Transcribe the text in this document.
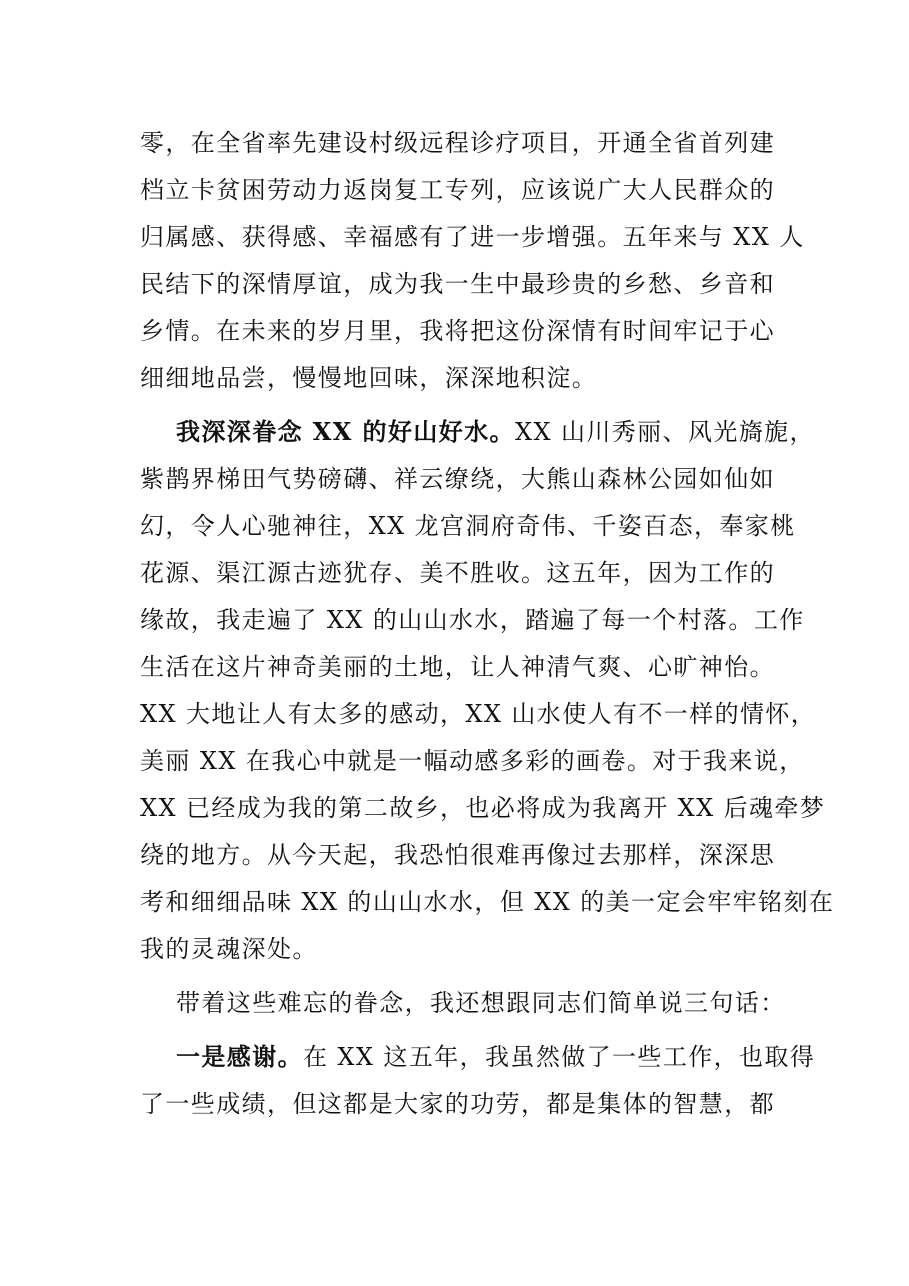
零，在全省率先建设村级远程诊疗项目，开通全省首列建
档立卡贫困劳动力返岗复工专列，应该说广大人民群众的
归属感、获得感、幸福感有了进一步增强。五年来与 XX 人
民结下的深情厚谊，成为我一生中最珍贵的乡愁、乡音和
乡情。在未来的岁月里，我将把这份深情有时间牢记于心
细细地品尝，慢慢地回味，深深地积淀。
我深深眷念 XX 的好山好水。XX 山川秀丽、风光旖旎，
紫鹊界梯田气势磅礴、祥云缭绕，大熊山森林公园如仙如
幻，令人心驰神往，XX 龙宫洞府奇伟、千姿百态，奉家桃
花源、渠江源古迹犹存、美不胜收。这五年，因为工作的
缘故，我走遍了 XX 的山山水水，踏遍了每一个村落。工作
生活在这片神奇美丽的土地，让人神清气爽、心旷神怡。
XX 大地让人有太多的感动，XX 山水使人有不一样的情怀，
美丽 XX 在我心中就是一幅动感多彩的画卷。对于我来说，
XX 已经成为我的第二故乡，也必将成为我离开 XX 后魂牵梦
绕的地方。从今天起，我恐怕很难再像过去那样，深深思
考和细细品味 XX 的山山水水，但 XX 的美一定会牢牢铭刻在
我的灵魂深处。
带着这些难忘的眷念，我还想跟同志们简单说三句话：
一是感谢。在 XX 这五年，我虽然做了一些工作，也取得
了一些成绩，但这都是大家的功劳，都是集体的智慧，都
